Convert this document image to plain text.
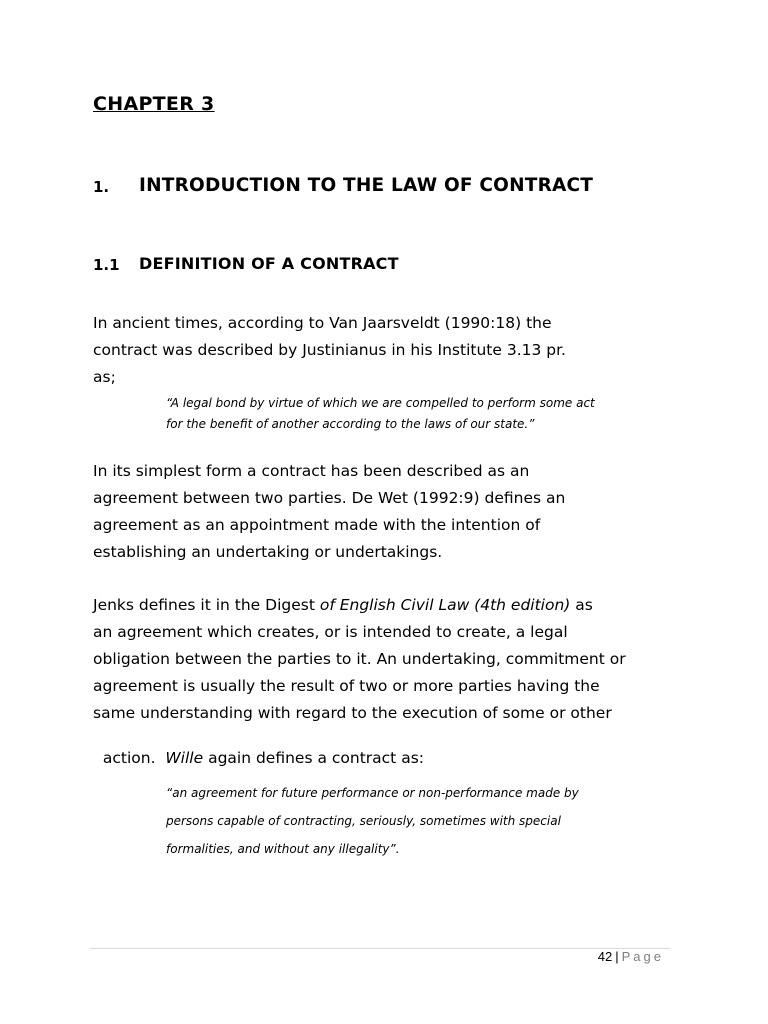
CHAPTER 3
1. INTRODUCTION TO THE LAW OF CONTRACT
1.1 DEFINITION OF A CONTRACT
In ancient times, according to Van Jaarsveldt (1990:18) the
contract was described by Justinianus in his Institute 3.13 pr.
as;
“A legal bond by virtue of which we are compelled to perform some act
for the benefit of another according to the laws of our state.”
In its simplest form a contract has been described as an
agreement between two parties. De Wet (1992:9) defines an
agreement as an appointment made with the intention of
establishing an undertaking or undertakings.
Jenks defines it in the Digest of English Civil Law (4th edition) as
an agreement which creates, or is intended to create, a legal
obligation between the parties to it. An undertaking, commitment or
agreement is usually the result of two or more parties having the
same understanding with regard to the execution of some or other

action.  Wille again defines a contract as:

“an agreement for future performance or non-performance made by
persons capable of contracting, seriously, sometimes with special
formalities, and without any illegality”.
42 | Page
